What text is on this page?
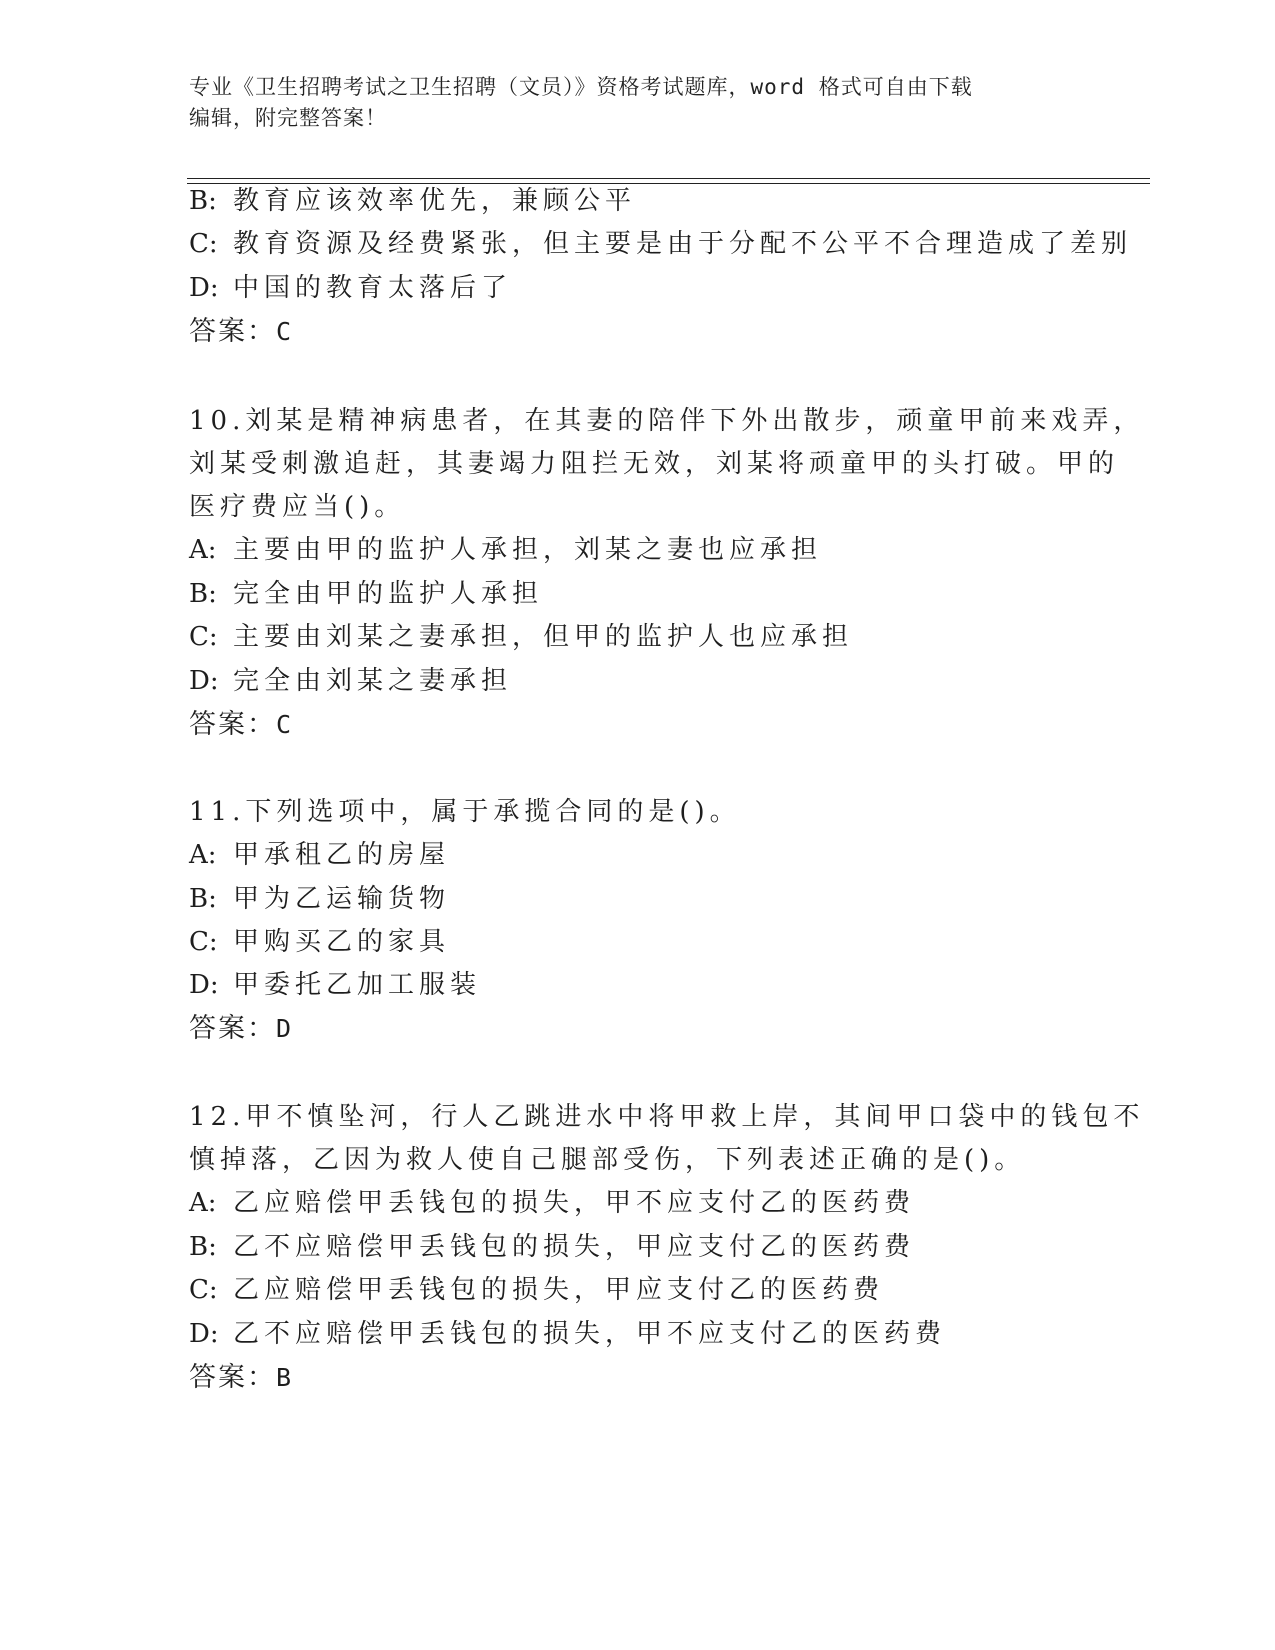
专业《卫生招聘考试之卫生招聘（文员）》资格考试题库，word 格式可自由下载
编辑，附完整答案！
B: 教育应该效率优先，兼顾公平
C: 教育资源及经费紧张，但主要是由于分配不公平不合理造成了差别
D: 中国的教育太落后了
答案：C
10.刘某是精神病患者，在其妻的陪伴下外出散步，顽童甲前来戏弄，
刘某受刺激追赶，其妻竭力阻拦无效，刘某将顽童甲的头打破。甲的
医疗费应当()。
A: 主要由甲的监护人承担，刘某之妻也应承担
B: 完全由甲的监护人承担
C: 主要由刘某之妻承担，但甲的监护人也应承担
D: 完全由刘某之妻承担
答案：C
11.下列选项中，属于承揽合同的是()。
A: 甲承租乙的房屋
B: 甲为乙运输货物
C: 甲购买乙的家具
D: 甲委托乙加工服装
答案：D
12.甲不慎坠河，行人乙跳进水中将甲救上岸，其间甲口袋中的钱包不
慎掉落，乙因为救人使自己腿部受伤，下列表述正确的是()。
A: 乙应赔偿甲丢钱包的损失，甲不应支付乙的医药费
B: 乙不应赔偿甲丢钱包的损失，甲应支付乙的医药费
C: 乙应赔偿甲丢钱包的损失，甲应支付乙的医药费
D: 乙不应赔偿甲丢钱包的损失，甲不应支付乙的医药费
答案：B
